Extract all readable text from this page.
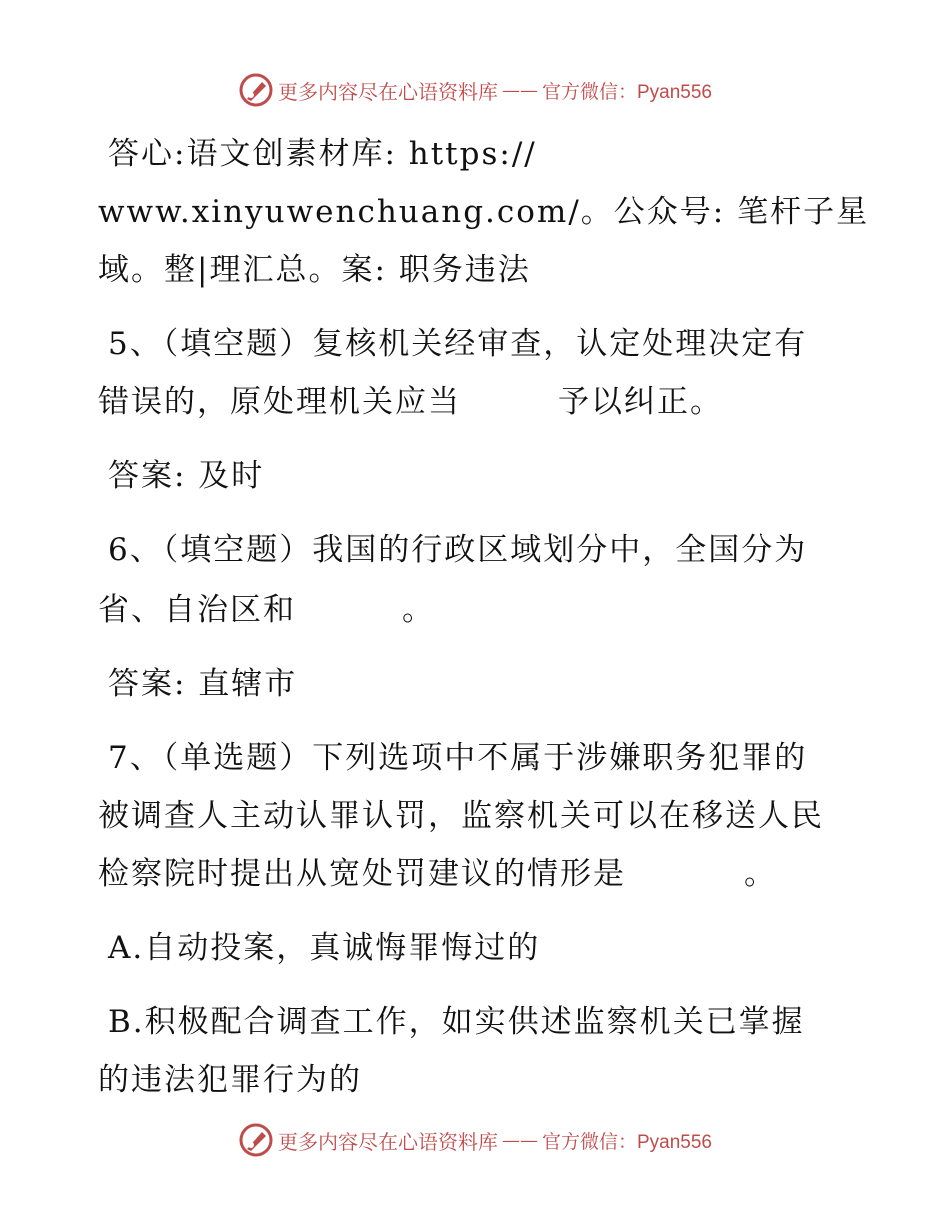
更多内容尽在心语资料库 —— 官方微信：Pyan556
答心:语文创素材库: https://
www.xinyuwenchuang.com/。公众号: 笔杆子星
域。整|理汇总。案: 职务违法
5、（填空题）复核机关经审查，认定处理决定有
错误的，原处理机关应当	予以纠正。
答案: 及时
6、（填空题）我国的行政区域划分中，全国分为
省、自治区和	。
答案: 直辖市
7、（单选题）下列选项中不属于涉嫌职务犯罪的
被调查人主动认罪认罚，监察机关可以在移送人民
检察院时提出从宽处罚建议的情形是	。
A.自动投案，真诚悔罪悔过的
B.积极配合调查工作，如实供述监察机关已掌握
的违法犯罪行为的
更多内容尽在心语资料库 —— 官方微信：Pyan556
